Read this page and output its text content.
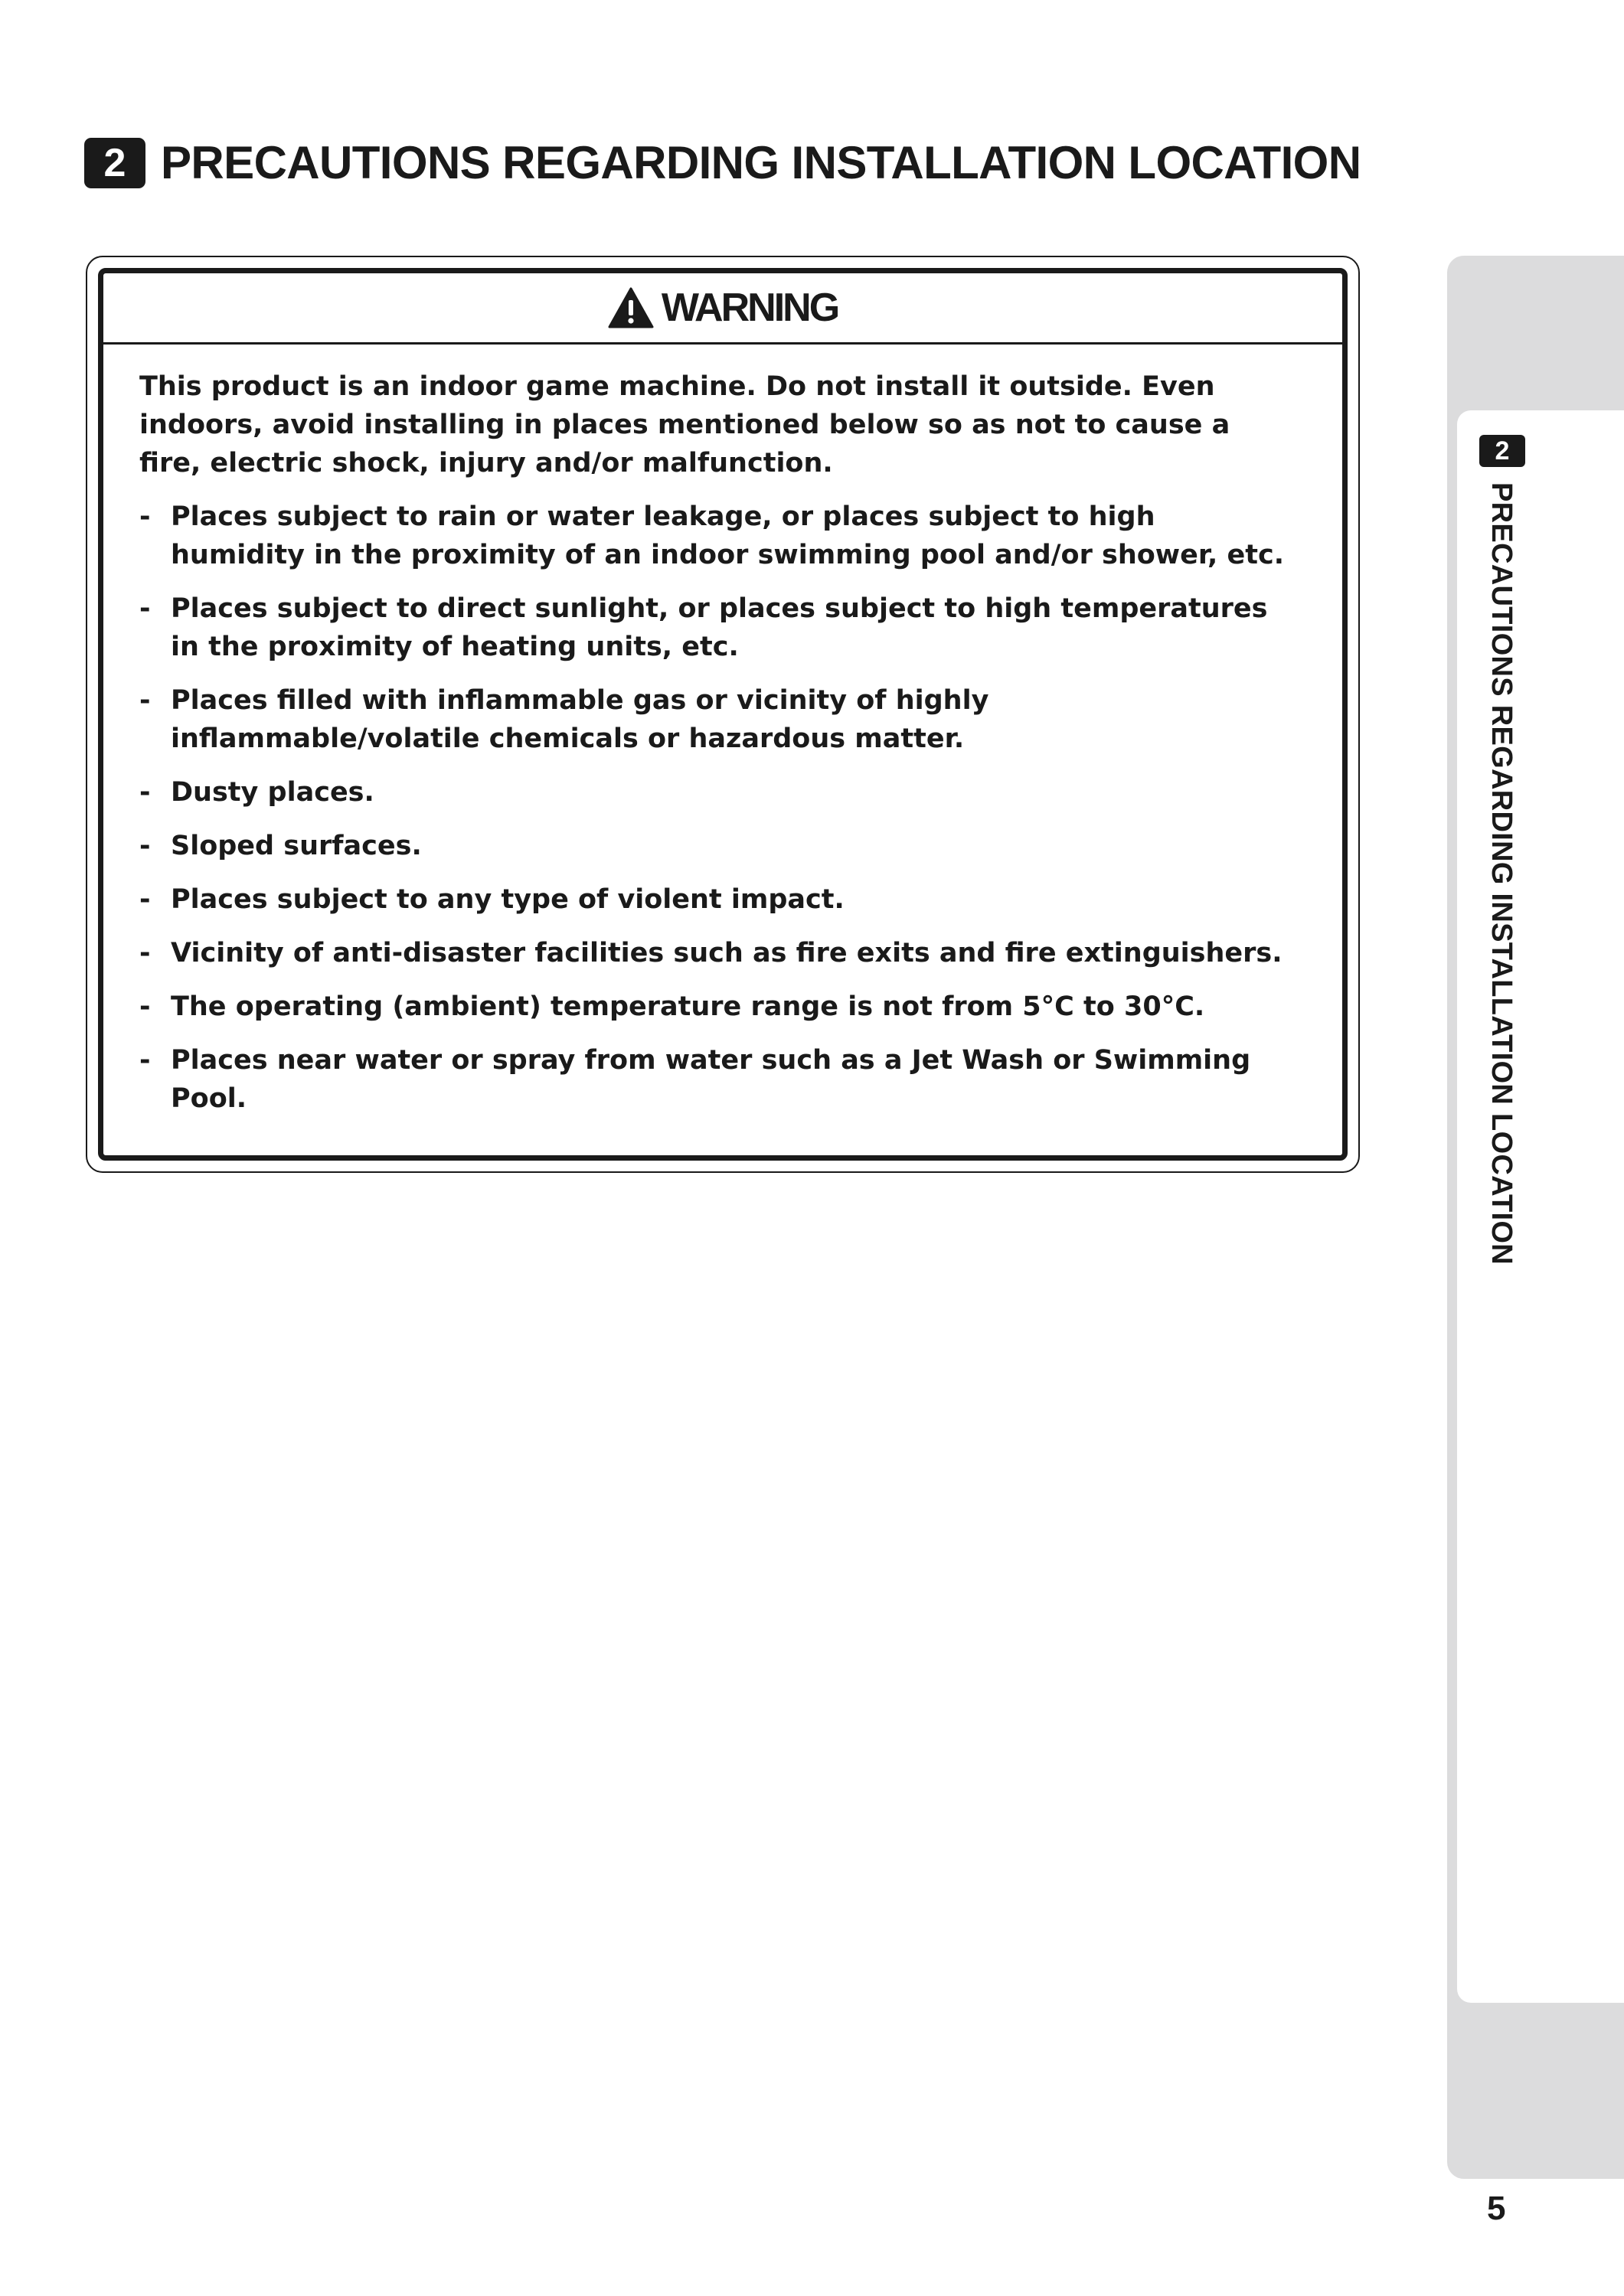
2 PRECAUTIONS REGARDING INSTALLATION LOCATION
WARNING

This product is an indoor game machine. Do not install it outside. Even indoors, avoid installing in places mentioned below so as not to cause a fire, electric shock, injury and/or malfunction.

- Places subject to rain or water leakage, or places subject to high humidity in the proximity of an indoor swimming pool and/or shower, etc.
- Places subject to direct sunlight, or places subject to high temperatures in the proximity of heating units, etc.
- Places filled with inflammable gas or vicinity of highly inflammable/volatile chemicals or hazardous matter.
- Dusty places.
- Sloped surfaces.
- Places subject to any type of violent impact.
- Vicinity of anti-disaster facilities such as fire exits and fire extinguishers.
- The operating (ambient) temperature range is not from 5°C to 30°C.
- Places near water or spray from water such as a Jet Wash or Swimming Pool.
2
PRECAUTIONS REGARDING INSTALLATION LOCATION
5
